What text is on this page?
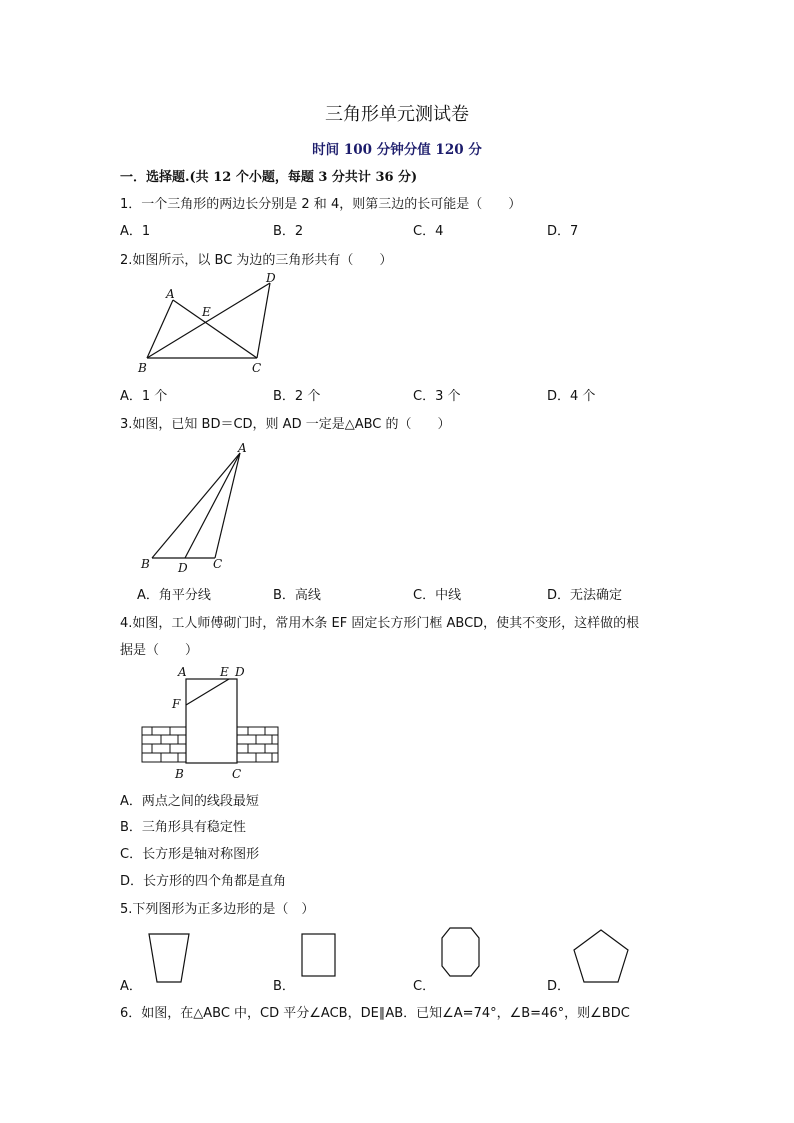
三角形单元测试卷
时间 100 分钟分值 120 分
一．选择题.(共 12 个小题，每题 3 分共计 36 分)
1．一个三角形的两边长分别是 2 和 4，则第三边的长可能是（　　）
A．1	B．2	C．4	D．7
2.如图所示，以 BC 为边的三角形共有（　　）
A
E
D
B	C
A．1 个	B．2 个	C．3 个	D．4 个
3.如图，已知 BD＝CD，则 AD 一定是△ABC 的（　　）
A
B D C
A．角平分线	B．高线	C．中线	D．无法确定
4.如图，工人师傅砌门时，常用木条 EF 固定长方形门框 ABCD，使其不变形，这样做的根
据是（　　）
A	E D
F
B	C
A．两点之间的线段最短
B．三角形具有稳定性
C．长方形是轴对称图形
D．长方形的四个角都是直角
5.下列图形为正多边形的是（　）
A．	B．	C．	D．
6．如图，在△ABC 中，CD 平分∠ACB，DE∥AB．已知∠A=74°，∠B=46°，则∠BDC
